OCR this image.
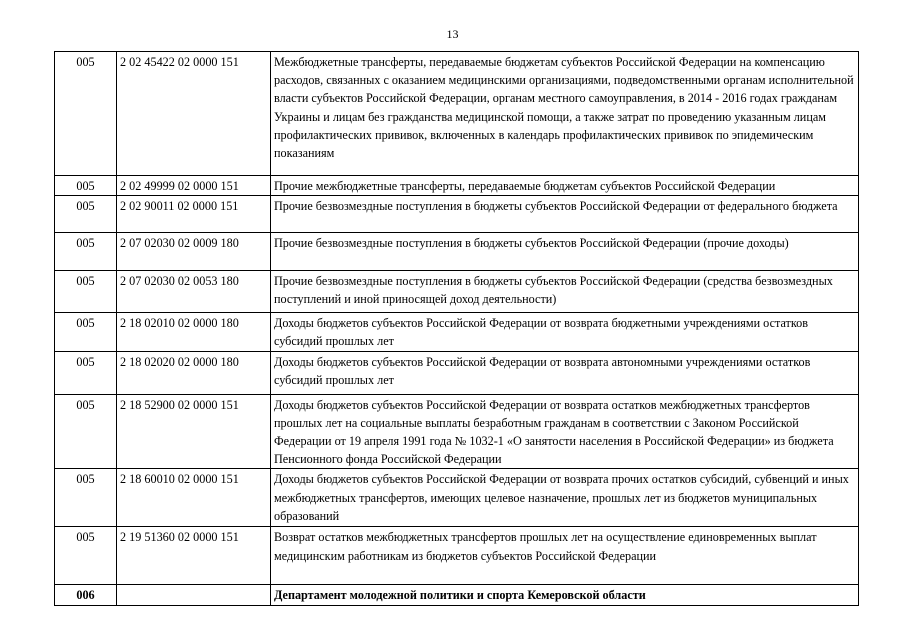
13
005	2 02 45422 02 0000 151	Межбюджетные трансферты, передаваемые бюджетам субъектов Российской Федерации на компенсацию расходов, связанных с оказанием медицинскими организациями, подведомственными органам исполнительной власти субъектов Российской Федерации, органам местного самоуправления, в 2014 - 2016 годах гражданам Украины и лицам без гражданства медицинской помощи, а также затрат по проведению указанным лицам профилактических прививок, включенных в календарь профилактических прививок по эпидемическим показаниям
005	2 02 49999 02 0000 151	Прочие межбюджетные трансферты, передаваемые бюджетам субъектов Российской Федерации
005	2 02 90011 02 0000 151	Прочие безвозмездные поступления в бюджеты субъектов Российской Федерации от федерального бюджета
005	2 07 02030 02 0009 180	Прочие безвозмездные поступления в бюджеты субъектов Российской Федерации (прочие доходы)
005	2 07 02030 02 0053 180	Прочие безвозмездные поступления в бюджеты субъектов Российской Федерации (средства безвозмездных поступлений и иной приносящей доход деятельности)
005	2 18 02010 02 0000 180	Доходы бюджетов субъектов Российской Федерации от возврата бюджетными учреждениями остатков субсидий прошлых лет
005	2 18 02020 02 0000 180	Доходы бюджетов субъектов Российской Федерации от возврата автономными учреждениями остатков субсидий прошлых лет
005	2 18 52900 02 0000 151	Доходы бюджетов субъектов Российской Федерации от возврата остатков межбюджетных трансфертов прошлых лет на социальные выплаты безработным гражданам в соответствии с Законом Российской Федерации от 19 апреля 1991 года № 1032-1 «О занятости населения в Российской Федерации» из бюджета Пенсионного фонда Российской Федерации
005	2 18 60010 02 0000 151	Доходы бюджетов субъектов Российской Федерации от возврата прочих остатков субсидий, субвенций и иных межбюджетных трансфертов, имеющих целевое назначение, прошлых лет из бюджетов муниципальных образований
005	2 19 51360 02 0000 151	Возврат остатков межбюджетных трансфертов прошлых лет на осуществление единовременных выплат медицинским работникам из бюджетов субъектов Российской Федерации
006		Департамент молодежной политики и спорта Кемеровской области
